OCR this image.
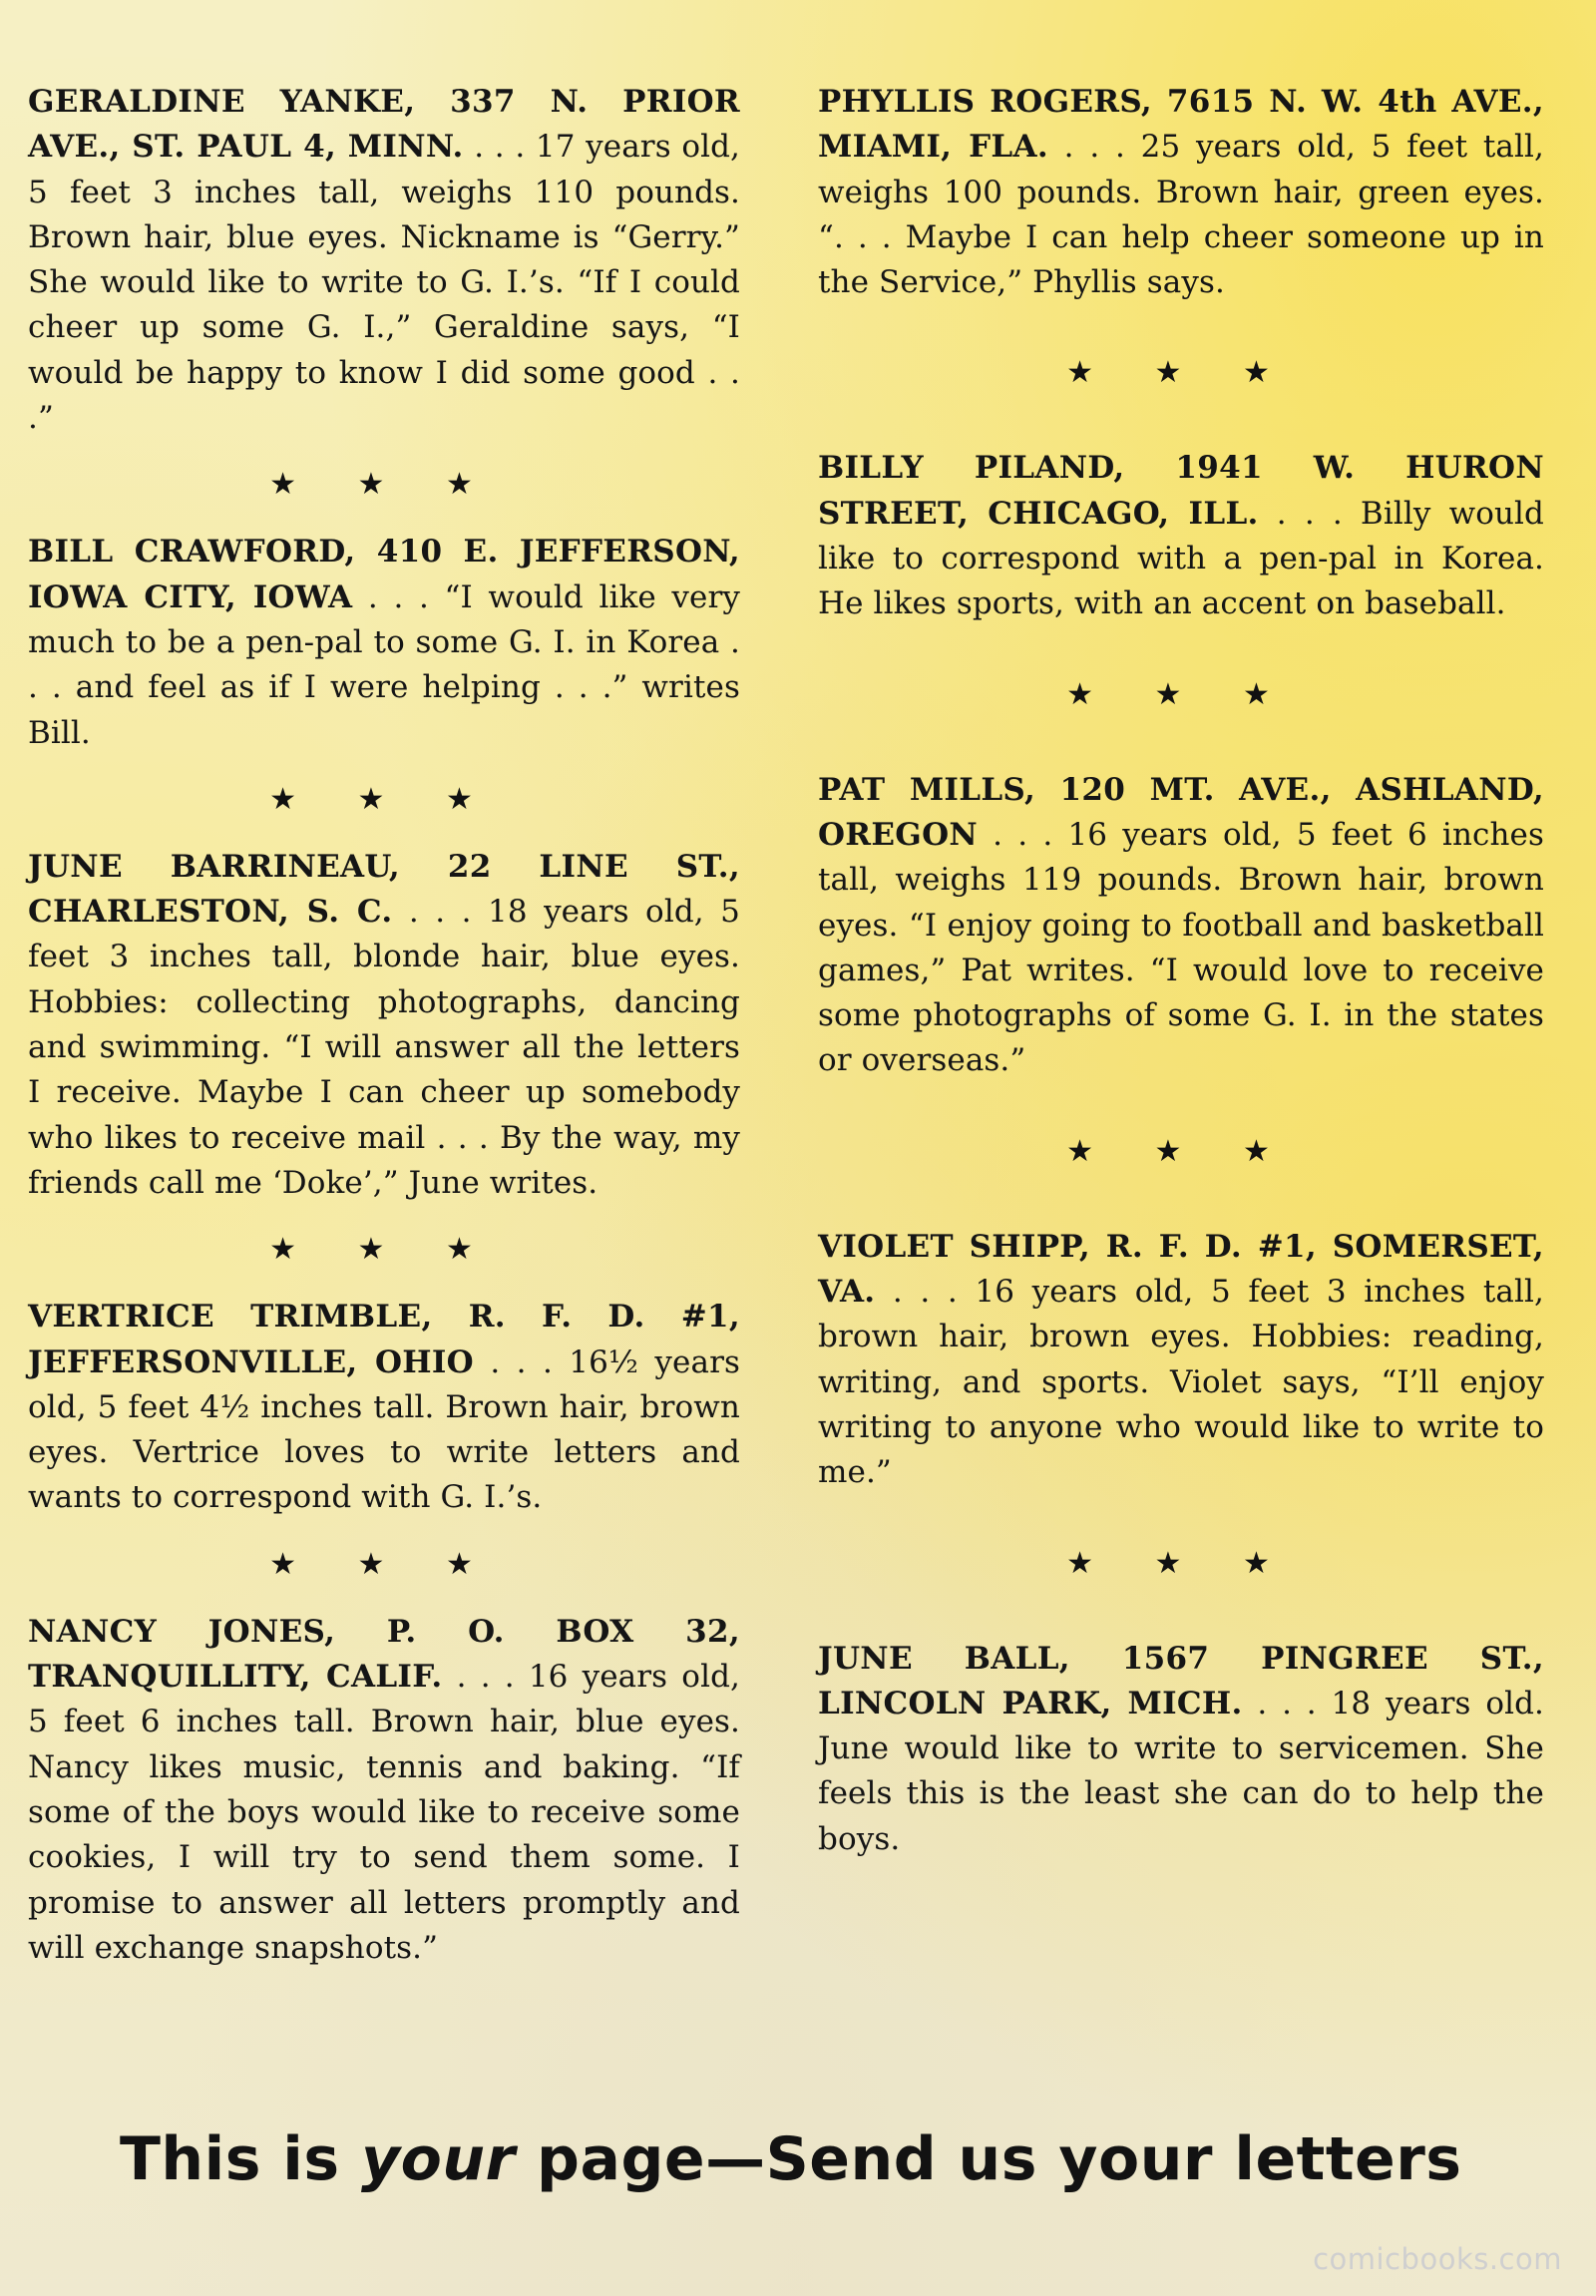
GERALDINE YANKE, 337 N. PRIOR AVE., ST. PAUL 4, MINN. . . . 17 years old, 5 feet 3 inches tall, weighs 110 pounds. Brown hair, blue eyes. Nickname is “Gerry.” She would like to write to G. I.’s. “If I could cheer up some G. I.,” Geraldine says, “I would be happy to know I did some good . . .”

★ ★ ★

BILL CRAWFORD, 410 E. JEFFERSON, IOWA CITY, IOWA . . . “I would like very much to be a pen-pal to some G. I. in Korea . . . and feel as if I were helping . . .” writes Bill.

★ ★ ★

JUNE BARRINEAU, 22 LINE ST., CHARLESTON, S. C. . . . 18 years old, 5 feet 3 inches tall, blonde hair, blue eyes. Hobbies: collecting photographs, dancing and swimming. “I will answer all the letters I receive. Maybe I can cheer up somebody who likes to receive mail . . . By the way, my friends call me ‘Doke’,” June writes.

★ ★ ★

VERTRICE TRIMBLE, R. F. D. #1, JEFFERSONVILLE, OHIO . . . 16½ years old, 5 feet 4½ inches tall. Brown hair, brown eyes. Vertrice loves to write letters and wants to correspond with G. I.’s.

★ ★ ★

NANCY JONES, P. O. BOX 32, TRANQUILLITY, CALIF. . . . 16 years old, 5 feet 6 inches tall. Brown hair, blue eyes. Nancy likes music, tennis and baking. “If some of the boys would like to receive some cookies, I will try to send them some. I promise to answer all letters promptly and will exchange snapshots.”

PHYLLIS ROGERS, 7615 N. W. 4th AVE., MIAMI, FLA. . . . 25 years old, 5 feet tall, weighs 100 pounds. Brown hair, green eyes. “. . . Maybe I can help cheer someone up in the Service,” Phyllis says.

★ ★ ★

BILLY PILAND, 1941 W. HURON STREET, CHICAGO, ILL. . . . Billy would like to correspond with a pen-pal in Korea. He likes sports, with an accent on baseball.

★ ★ ★

PAT MILLS, 120 MT. AVE., ASHLAND, OREGON . . . 16 years old, 5 feet 6 inches tall, weighs 119 pounds. Brown hair, brown eyes. “I enjoy going to football and basketball games,” Pat writes. “I would love to receive some photographs of some G. I. in the states or overseas.”

★ ★ ★

VIOLET SHIPP, R. F. D. #1, SOMERSET, VA. . . . 16 years old, 5 feet 3 inches tall, brown hair, brown eyes. Hobbies: reading, writing, and sports. Violet says, “I’ll enjoy writing to anyone who would like to write to me.”

★ ★ ★

JUNE BALL, 1567 PINGREE ST., LINCOLN PARK, MICH. . . . 18 years old. June would like to write to servicemen. She feels this is the least she can do to help the boys.

This is your page—Send us your letters
comicbooks.com
